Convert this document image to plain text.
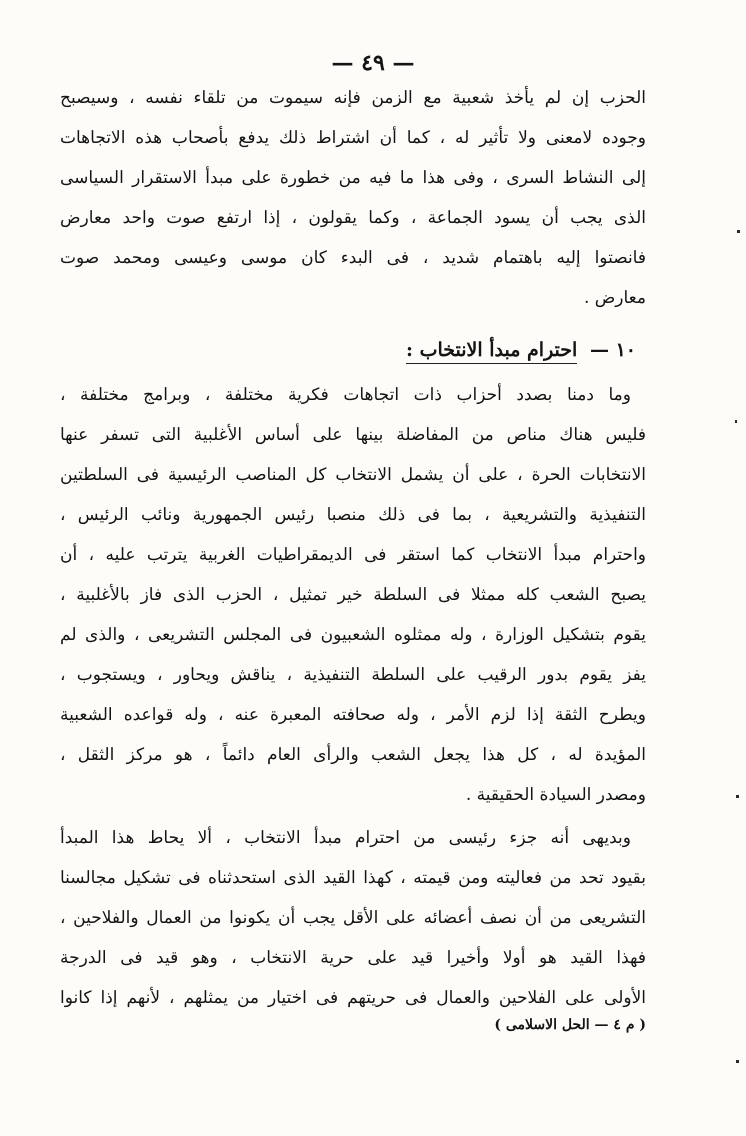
— ٤٩ —
الحزب إن لم يأخذ شعبية مع الزمن فإنه سيموت من تلقاء نفسه ، وسيصبح
وجوده لامعنى ولا تأثير له ، كما أن اشتراط ذلك يدفع بأصحاب هذه الاتجاهات
إلى النشاط السرى ، وفى هذا ما فيه من خطورة على مبدأ الاستقرار السياسى
الذى يجب أن يسود الجماعة ، وكما يقولون ، إذا ارتفع صوت واحد معارض
فانصتوا إليه باهتمام شديد ، فى البدء كان موسى وعيسى ومحمد صوت
معارض .
١٠ — احترام مبدأ الانتخاب :
وما دمنا بصدد أحزاب ذات اتجاهات فكرية مختلفة ، وبرامج مختلفة ،
فليس هناك مناص من المفاضلة بينها على أساس الأغلبية التى تسفر عنها
الانتخابات الحرة ، على أن يشمل الانتخاب كل المناصب الرئيسية فى السلطتين
التنفيذية والتشريعية ، بما فى ذلك منصبا رئيس الجمهورية ونائب الرئيس ،
واحترام مبدأ الانتخاب كما استقر فى الديمقراطيات الغربية يترتب عليه ، أن
يصبح الشعب كله ممثلا فى السلطة خير تمثيل ، الحزب الذى فاز بالأغلبية ،
يقوم بتشكيل الوزارة ، وله ممثلوه الشعبيون فى المجلس التشريعى ، والذى لم
يفز يقوم بدور الرقيب على السلطة التنفيذية ، يناقش ويحاور ، ويستجوب ،
ويطرح الثقة إذا لزم الأمر ، وله صحافته المعبرة عنه ، وله قواعده الشعبية
المؤيدة له ، كل هذا يجعل الشعب والرأى العام دائماً ، هو مركز الثقل ،
ومصدر السيادة الحقيقية .
وبديهى أنه جزء رئيسى من احترام مبدأ الانتخاب ، ألا يحاط هذا المبدأ
بقيود تحد من فعاليته ومن قيمته ، كهذا القيد الذى استحدثناه فى تشكيل مجالسنا
التشريعى من أن نصف أعضائه على الأقل يجب أن يكونوا من العمال والفلاحين ،
فهذا القيد هو أولا وأخيرا قيد على حرية الانتخاب ، وهو قيد فى الدرجة
الأولى على الفلاحين والعمال فى حريتهم فى اختيار من يمثلهم ، لأنهم إذا كانوا
( م ٤ — الحل الاسلامى )
